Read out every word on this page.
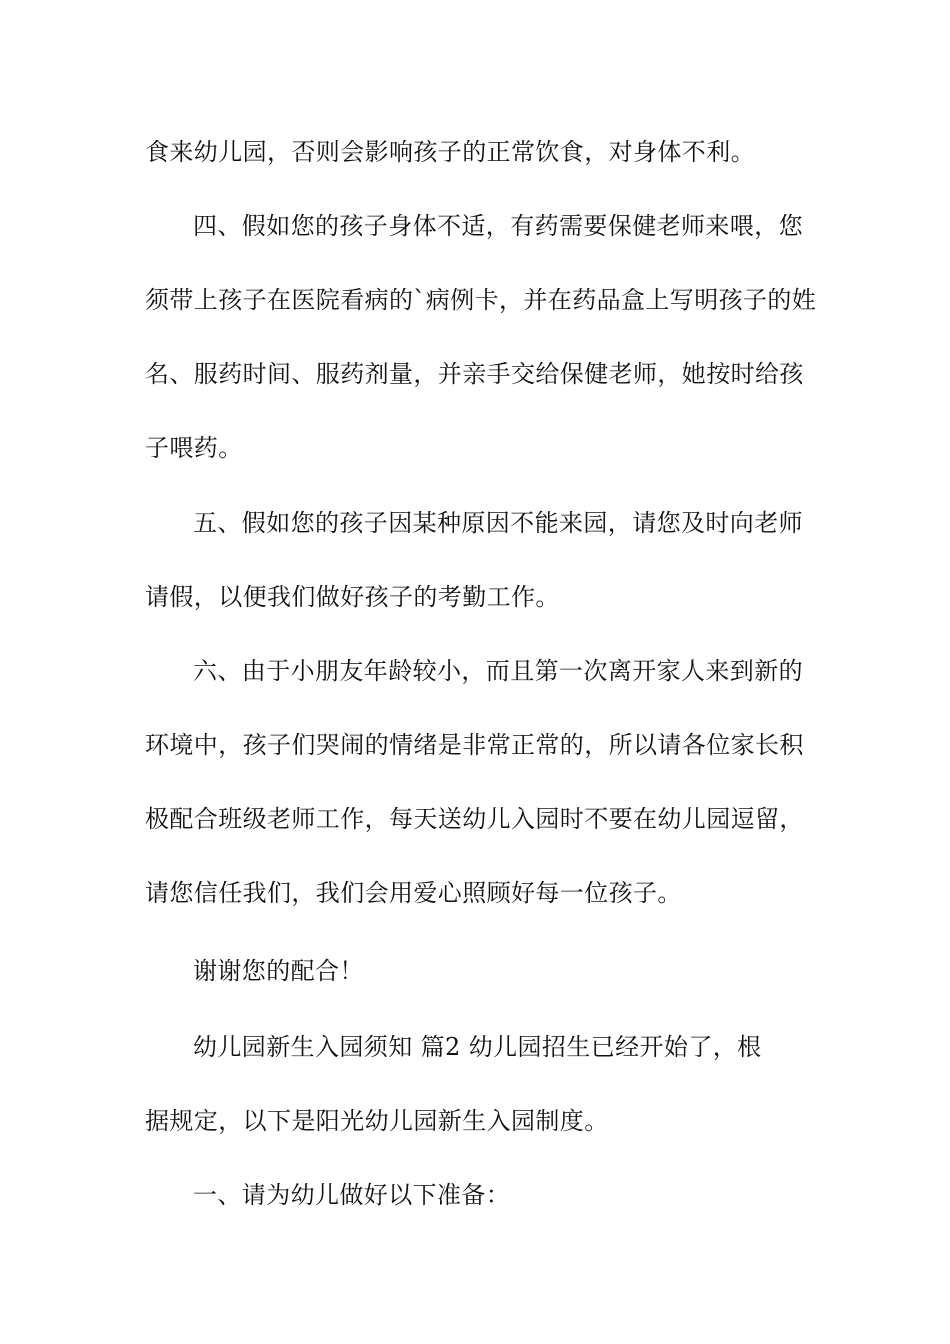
食来幼儿园，否则会影响孩子的正常饮食，对身体不利。
四、假如您的孩子身体不适，有药需要保健老师来喂，您
须带上孩子在医院看病的`病例卡，并在药品盒上写明孩子的姓
名、服药时间、服药剂量，并亲手交给保健老师，她按时给孩
子喂药。
五、假如您的孩子因某种原因不能来园，请您及时向老师
请假，以便我们做好孩子的考勤工作。
六、由于小朋友年龄较小，而且第一次离开家人来到新的
环境中，孩子们哭闹的情绪是非常正常的，所以请各位家长积
极配合班级老师工作，每天送幼儿入园时不要在幼儿园逗留，
请您信任我们，我们会用爱心照顾好每一位孩子。
谢谢您的配合！
幼儿园新生入园须知 篇2 幼儿园招生已经开始了，根
据规定，以下是阳光幼儿园新生入园制度。
一、请为幼儿做好以下准备：
